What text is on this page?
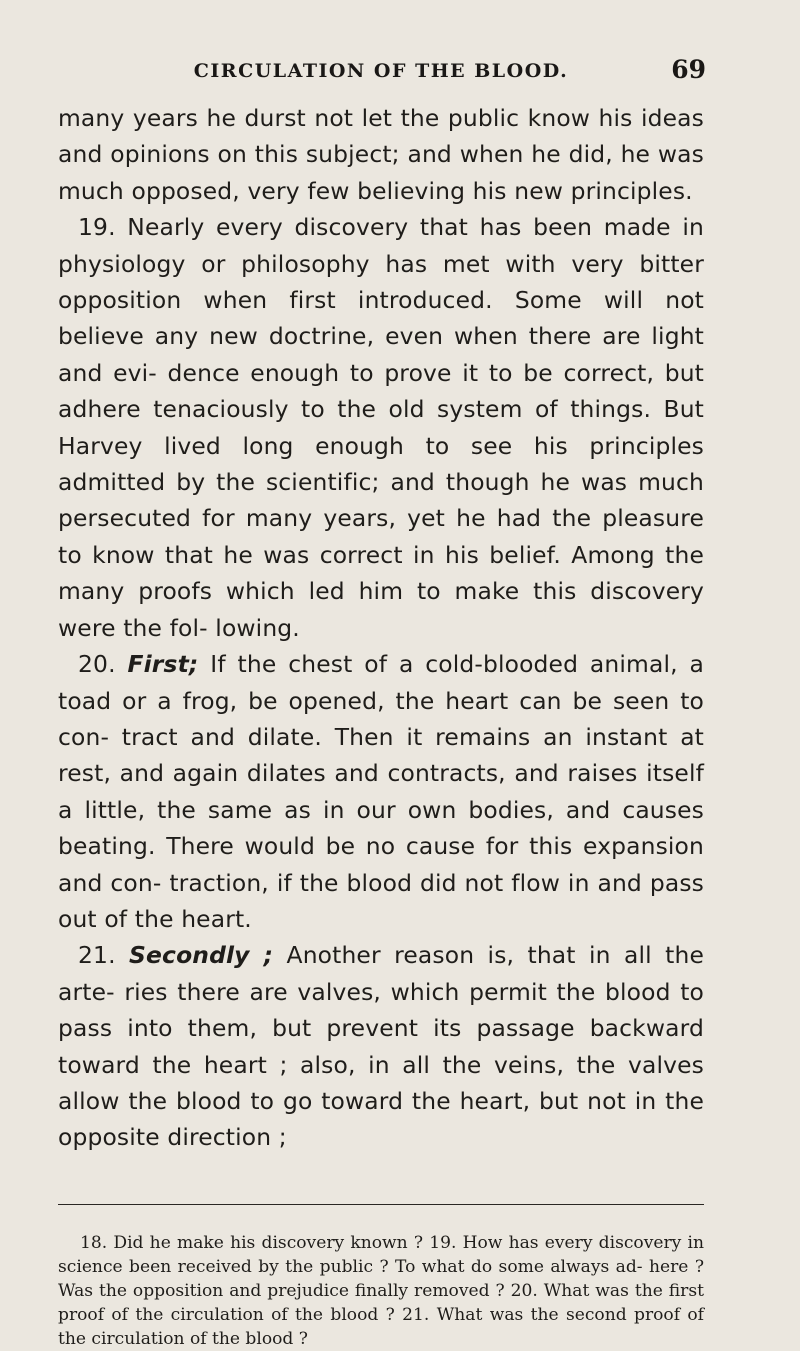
CIRCULATION OF THE BLOOD.	69

many years he durst not let the public know his ideas and opinions on this subject; and when he did, he was much opposed, very few believing his new principles.

19. Nearly every discovery that has been made in physiology or philosophy has met with very bitter opposition when first introduced. Some will not believe any new doctrine, even when there are light and evi- dence enough to prove it to be correct, but adhere tenaciously to the old system of things. But Harvey lived long enough to see his principles admitted by the scientific; and though he was much persecuted for many years, yet he had the pleasure to know that he was correct in his belief. Among the many proofs which led him to make this discovery were the fol- lowing.

20. First; If the chest of a cold-blooded animal, a toad or a frog, be opened, the heart can be seen to con- tract and dilate. Then it remains an instant at rest, and again dilates and contracts, and raises itself a little, the same as in our own bodies, and causes beating. There would be no cause for this expansion and con- traction, if the blood did not flow in and pass out of the heart.

21. Secondly ; Another reason is, that in all the arte- ries there are valves, which permit the blood to pass into them, but prevent its passage backward toward the heart ; also, in all the veins, the valves allow the blood to go toward the heart, but not in the opposite direction ;

18. Did he make his discovery known ? 19. How has every discovery in science been received by the public ? To what do some always ad- here ? Was the opposition and prejudice finally removed ? 20. What was the first proof of the circulation of the blood ? 21. What was the second proof of the circulation of the blood ?
